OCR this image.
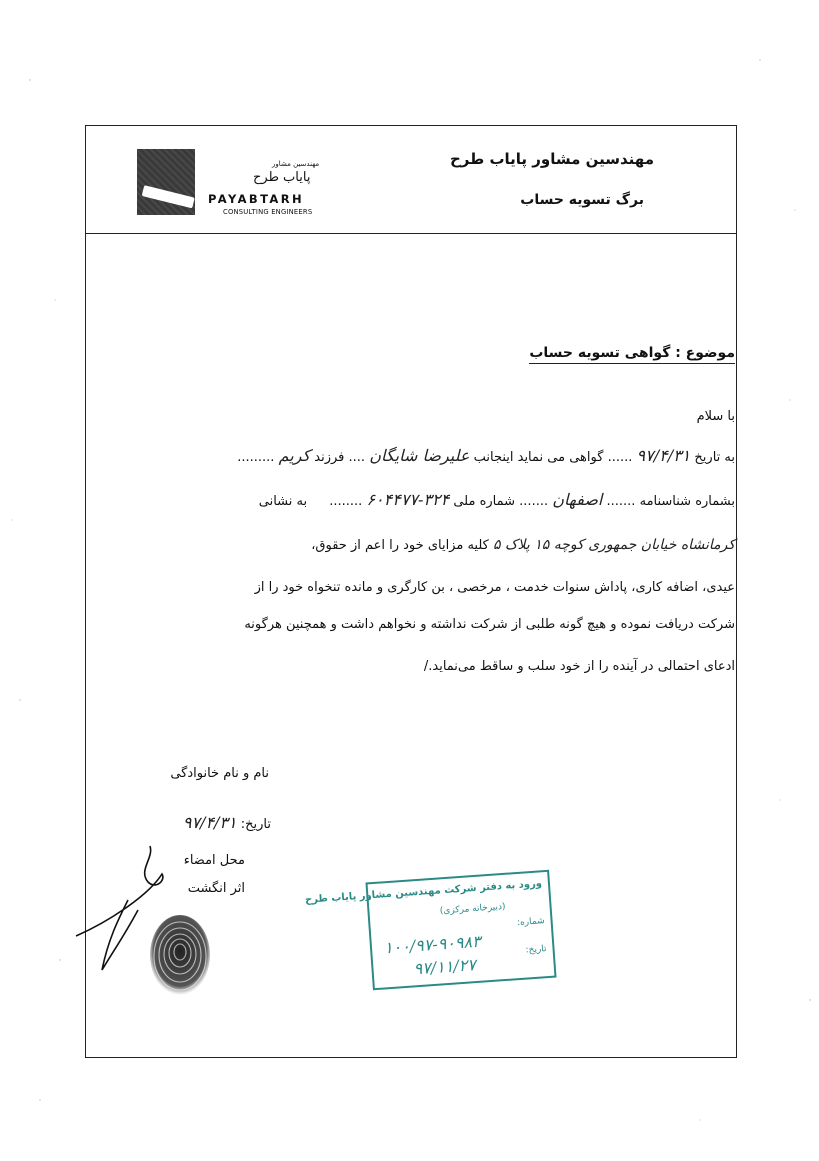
مهندسین مشاور
پایاب طرح
PAYABTARH
CONSULTING ENGINEERS
مهندسین مشاور پایاب طرح
برگ تسویه حساب
موضوع : گواهی تسویه حساب
با سلام
به تاریخ ۹۷/۴/۳۱ ...... گواهی می نماید اینجانب علیرضا شایگان .... فرزند کریم .........
بشماره شناسنامه ....... اصفهان ....... شماره ملی ۳۲۴-۶۰۴۴۷۷ ........ به نشانی
کرمانشاه خیابان جمهوری کوچه ۱۵ پلاک ۵ کلیه مزایای خود را اعم از حقوق،
عیدی، اضافه کاری، پاداش سنوات خدمت ، مرخصی ، بن کارگری و مانده تنخواه خود را از
شرکت دریافت نموده و هیچ گونه طلبی از شرکت نداشته و نخواهم داشت و همچنین هرگونه
ادعای احتمالی در آینده را از خود سلب و ساقط می‌نماید./
نام و نام خانوادگی
تاریخ: ۹۷/۴/۳۱
محل امضاء
اثر انگشت	ورود به دفتر شرکت مهندسین مشاور پایاب طرح
(دبیرخانه مرکزی)
شماره:
۱۰۰/۹۷-۹۰۹۸۳	تاریخ:
۹۷/۱۱/۲۷
